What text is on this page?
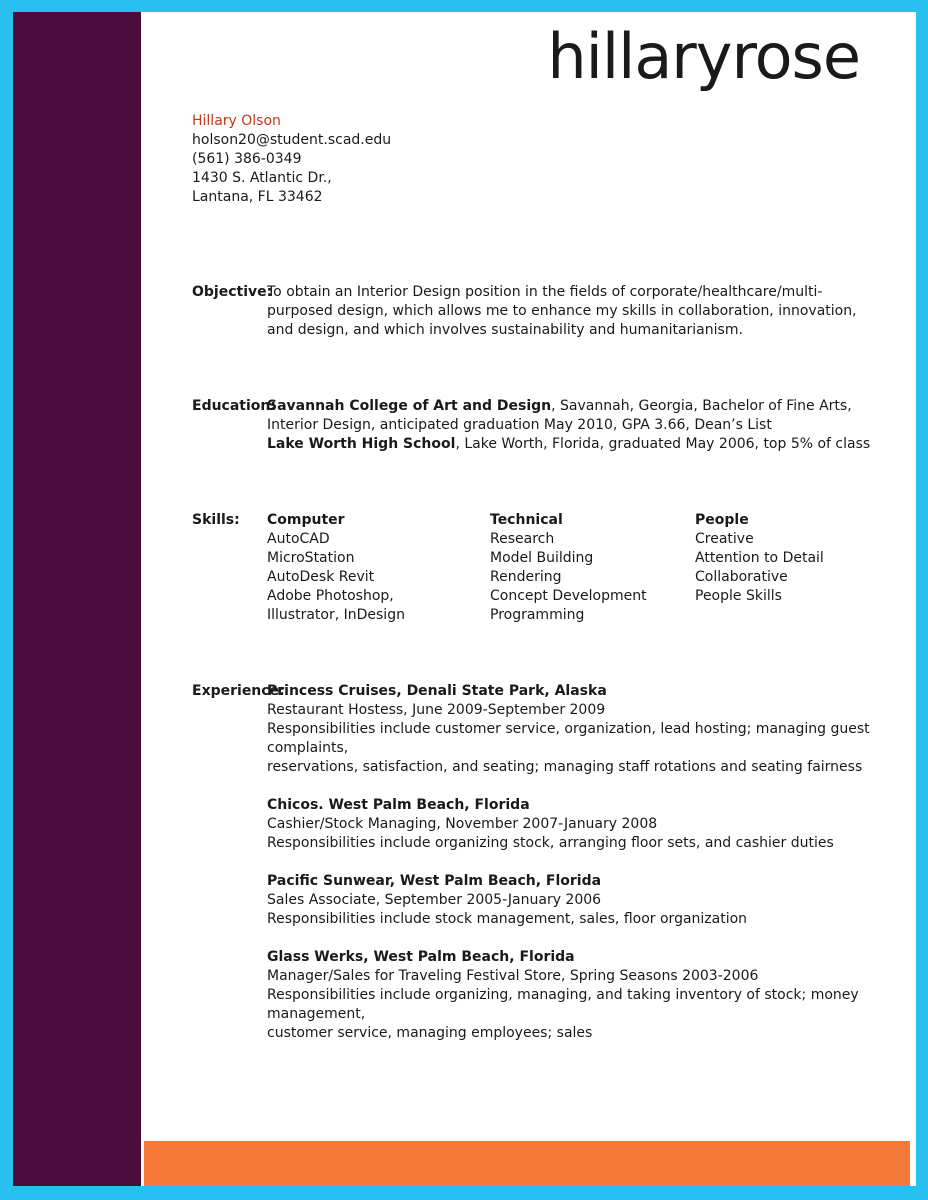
hillaryrose
Hillary Olson
holson20@student.scad.edu
(561) 386-0349
1430 S. Atlantic Dr.,
Lantana, FL 33462
Objective:
To obtain an Interior Design position in the fields of corporate/healthcare/multi-
purposed design, which allows me to enhance my skills in collaboration, innovation,
and design, and which involves sustainability and humanitarianism.
Education:
Savannah College of Art and Design, Savannah, Georgia, Bachelor of Fine Arts,
Interior Design, anticipated graduation May 2010, GPA 3.66, Dean’s List
Lake Worth High School, Lake Worth, Florida, graduated May 2006, top 5% of class
Skills: Computer
AutoCAD
MicroStation
AutoDesk Revit
Adobe Photoshop,
Illustrator, InDesign
Technical
Research
Model Building
Rendering
Concept Development
Programming
People
Creative
Attention to Detail
Collaborative
People Skills
Experience:
Princess Cruises, Denali State Park, Alaska
Restaurant Hostess, June 2009-September 2009
Responsibilities include customer service, organization, lead hosting; managing guest complaints,
reservations, satisfaction, and seating; managing staff rotations and seating fairness
Chicos. West Palm Beach, Florida
Cashier/Stock Managing, November 2007-January 2008
Responsibilities include organizing stock, arranging floor sets, and cashier duties
Pacific Sunwear, West Palm Beach, Florida
Sales Associate, September 2005-January 2006
Responsibilities include stock management, sales, floor organization
Glass Werks, West Palm Beach, Florida
Manager/Sales for Traveling Festival Store, Spring Seasons 2003-2006
Responsibilities include organizing, managing, and taking inventory of stock; money management,
customer service, managing employees; sales
